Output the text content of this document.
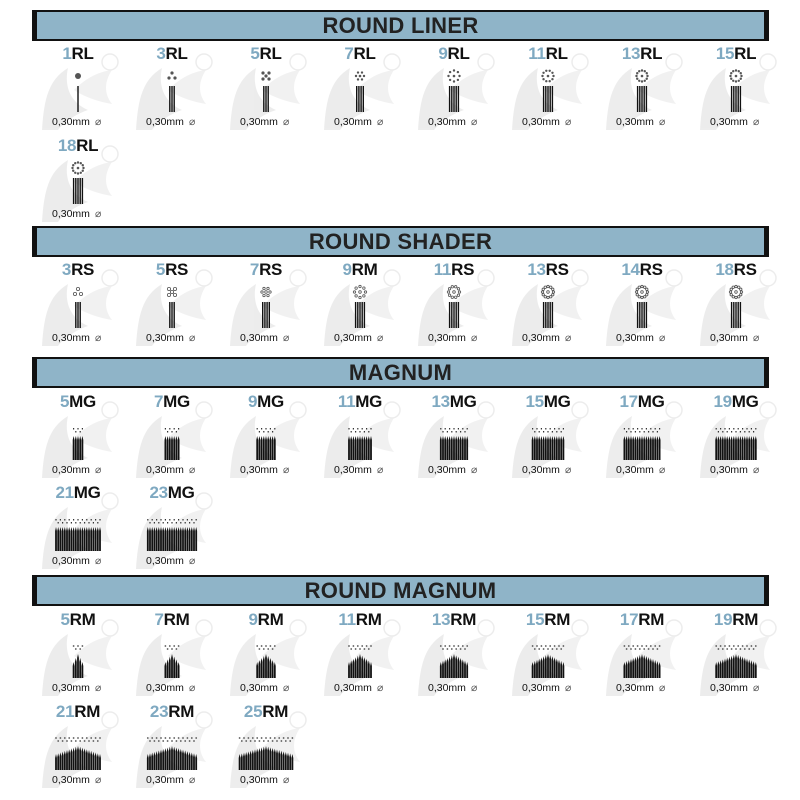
ROUND LINER
1RL
0,30mm ⌀
3RL
0,30mm ⌀
5RL
0,30mm ⌀
7RL
0,30mm ⌀
9RL
0,30mm ⌀
11RL
0,30mm ⌀
13RL
0,30mm ⌀
15RL
0,30mm ⌀
18RL
0,30mm ⌀
ROUND SHADER
3RS
0,30mm ⌀
5RS
0,30mm ⌀
7RS
0,30mm ⌀
9RM
0,30mm ⌀
11RS
0,30mm ⌀
13RS
0,30mm ⌀
14RS
0,30mm ⌀
18RS
0,30mm ⌀
MAGNUM
5MG
0,30mm ⌀
7MG
0,30mm ⌀
9MG
0,30mm ⌀
11MG
0,30mm ⌀
13MG
0,30mm ⌀
15MG
0,30mm ⌀
17MG
0,30mm ⌀
19MG
0,30mm ⌀
21MG
0,30mm ⌀
23MG
0,30mm ⌀
ROUND MAGNUM
5RM
0,30mm ⌀
7RM
0,30mm ⌀
9RM
0,30mm ⌀
11RM
0,30mm ⌀
13RM
0,30mm ⌀
15RM
0,30mm ⌀
17RM
0,30mm ⌀
19RM
0,30mm ⌀
21RM
0,30mm ⌀
23RM
0,30mm ⌀
25RM
0,30mm ⌀
